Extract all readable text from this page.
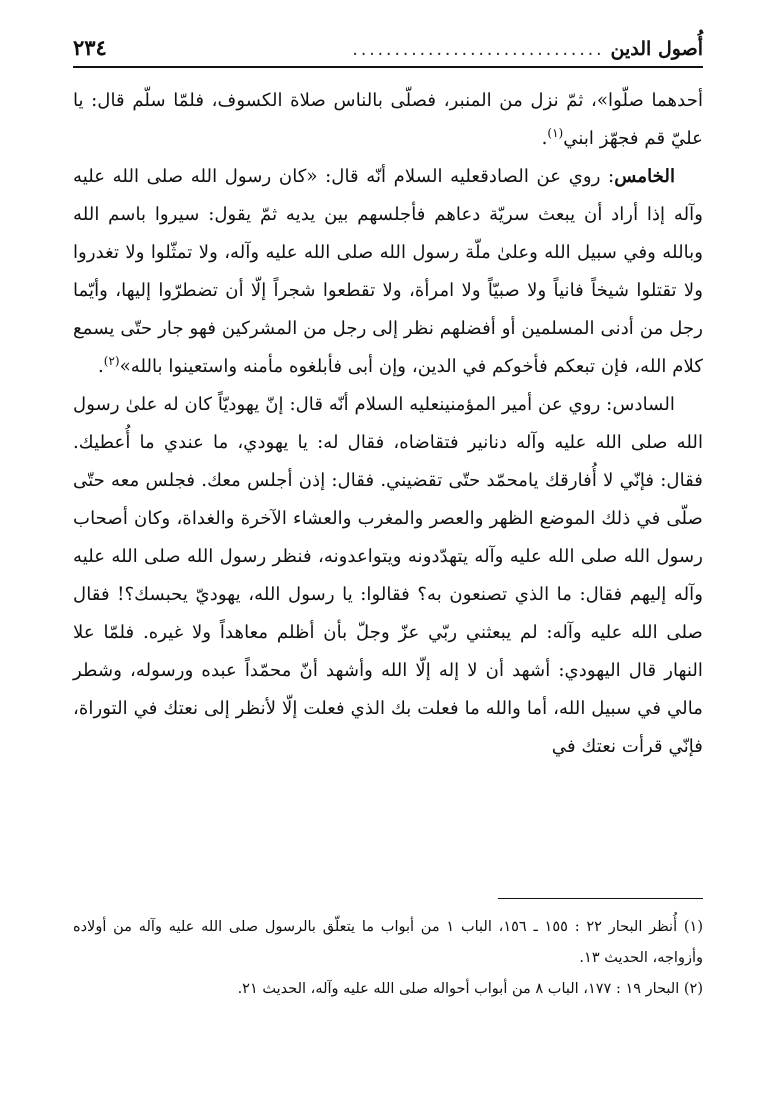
أُصول الدين
..............................
٢٣٤

أحدهما صلّوا»، ثمّ نزل من المنبر، فصلّى بالناس صلاة الكسوف، فلمّا سلّم قال: يا عليّ قم فجهّز ابني$^{(١)}$.

الخامس: روي عن الصادقعليه السلام أنّه قال: «كان رسول الله صلى الله عليه وآله إذا أراد أن يبعث سريّة دعاهم فأجلسهم بين يديه ثمّ يقول: سيروا باسم الله وبالله وفي سبيل الله وعلىٰ ملّة رسول الله صلى الله عليه وآله، ولا تمثّلوا ولا تغدروا ولا تقتلوا شيخاً فانياً ولا صبيّاً ولا امرأة، ولا تقطعوا شجراً إلّا أن تضطرّوا إليها، وأيّما رجل من أدنى المسلمين أو أفضلهم نظر إلى رجل من المشركين فهو جار حتّى يسمع كلام الله، فإن تبعكم فأخوكم في الدين، وإن أبى فأبلغوه مأمنه واستعينوا بالله»$^{(٢)}$.

السادس: روي عن أمير المؤمنينعليه السلام أنّه قال: إنّ يهوديّاً كان له علىٰ رسول الله صلى الله عليه وآله دنانير فتقاضاه، فقال له: يا يهودي، ما عندي ما أُعطيك. فقال: فإنّي لا أُفارقك يامحمّد حتّى تقضيني. فقال: إذن أجلس معك. فجلس معه حتّى صلّى في ذلك الموضع الظهر والعصر والمغرب والعشاء الآخرة والغداة، وكان أصحاب رسول الله صلى الله عليه وآله يتهدّدونه ويتواعدونه، فنظر رسول الله صلى الله عليه وآله إليهم فقال: ما الذي تصنعون به؟ فقالوا: يا رسول الله، يهوديّ يحبسك؟! فقال صلى الله عليه وآله: لم يبعثني ربّي عزّ وجلّ بأن أظلم معاهداً ولا غيره. فلمّا علا النهار قال اليهودي: أشهد أن لا إله إلّا الله وأشهد أنّ محمّداً عبده ورسوله، وشطر مالي في سبيل الله، أما والله ما فعلت بك الذي فعلت إلّا لأنظر إلى نعتك في التوراة، فإنّي قرأت نعتك في

(١) أُنظر البحار ٢٢ : ١٥٥ ـ ١٥٦، الباب ١ من أبواب ما يتعلّق بالرسول صلى الله عليه وآله من أولاده وأزواجه، الحديث ١٣.

(٢) البحار ١٩ : ١٧٧، الباب ٨ من أبواب أحواله صلى الله عليه وآله، الحديث ٢١.
